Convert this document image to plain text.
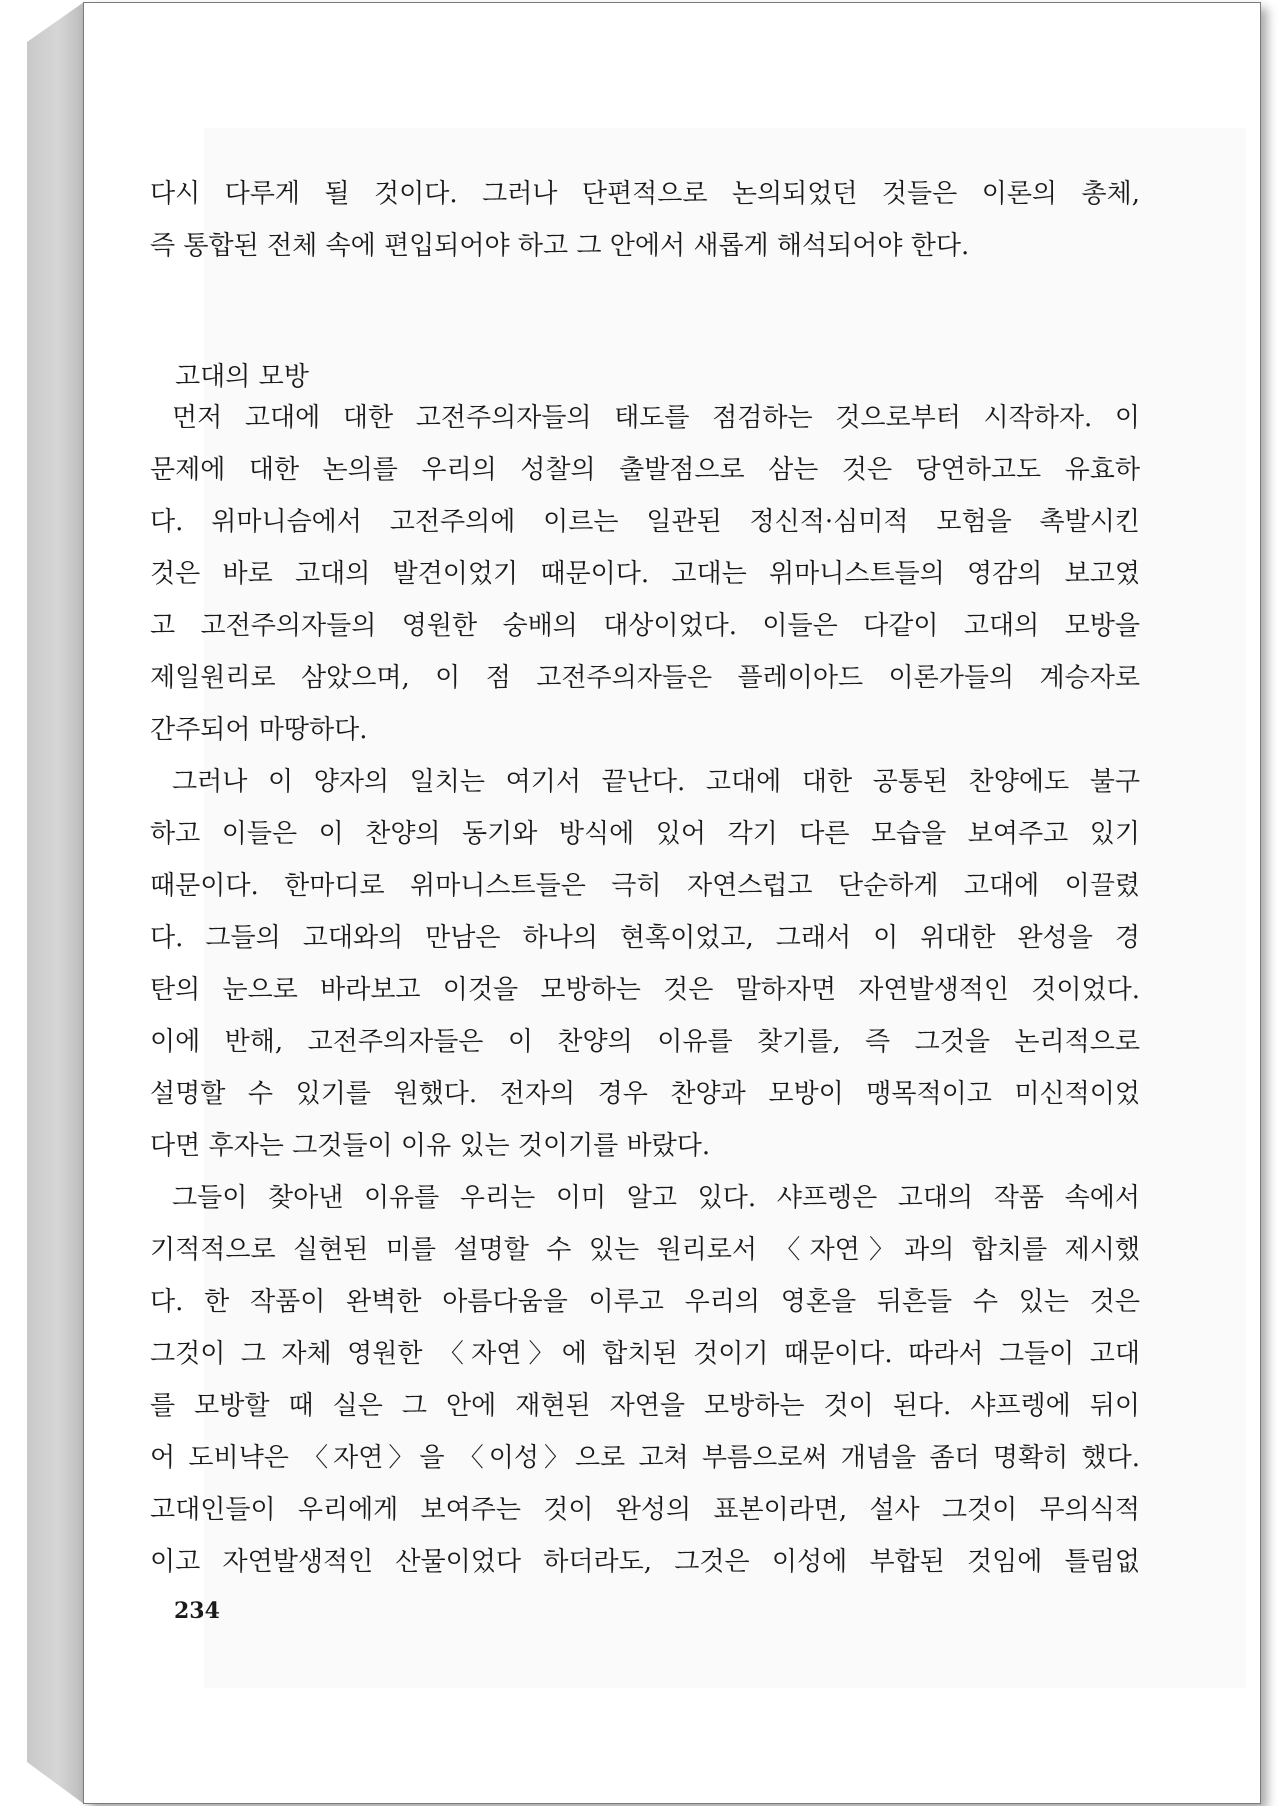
다시 다루게 될 것이다. 그러나 단편적으로 논의되었던 것들은 이론의 총체,
즉 통합된 전체 속에 편입되어야 하고 그 안에서 새롭게 해석되어야 한다.
고대의 모방
먼저 고대에 대한 고전주의자들의 태도를 점검하는 것으로부터 시작하자. 이
문제에 대한 논의를 우리의 성찰의 출발점으로 삼는 것은 당연하고도 유효하
다. 위마니슴에서 고전주의에 이르는 일관된 정신적·심미적 모험을 촉발시킨
것은 바로 고대의 발견이었기 때문이다. 고대는 위마니스트들의 영감의 보고였
고 고전주의자들의 영원한 숭배의 대상이었다. 이들은 다같이 고대의 모방을
제일원리로 삼았으며, 이 점 고전주의자들은 플레이아드 이론가들의 계승자로
간주되어 마땅하다.
그러나 이 양자의 일치는 여기서 끝난다. 고대에 대한 공통된 찬양에도 불구
하고 이들은 이 찬양의 동기와 방식에 있어 각기 다른 모습을 보여주고 있기
때문이다. 한마디로 위마니스트들은 극히 자연스럽고 단순하게 고대에 이끌렸
다. 그들의 고대와의 만남은 하나의 현혹이었고, 그래서 이 위대한 완성을 경
탄의 눈으로 바라보고 이것을 모방하는 것은 말하자면 자연발생적인 것이었다.
이에 반해, 고전주의자들은 이 찬양의 이유를 찾기를, 즉 그것을 논리적으로
설명할 수 있기를 원했다. 전자의 경우 찬양과 모방이 맹목적이고 미신적이었
다면 후자는 그것들이 이유 있는 것이기를 바랐다.
그들이 찾아낸 이유를 우리는 이미 알고 있다. 샤프렝은 고대의 작품 속에서
기적적으로 실현된 미를 설명할 수 있는 원리로서 〈자연〉과의 합치를 제시했
다. 한 작품이 완벽한 아름다움을 이루고 우리의 영혼을 뒤흔들 수 있는 것은
그것이 그 자체 영원한 〈자연〉에 합치된 것이기 때문이다. 따라서 그들이 고대
를 모방할 때 실은 그 안에 재현된 자연을 모방하는 것이 된다. 샤프렝에 뒤이
어 도비냑은 〈자연〉을 〈이성〉으로 고쳐 부름으로써 개념을 좀더 명확히 했다.
고대인들이 우리에게 보여주는 것이 완성의 표본이라면, 설사 그것이 무의식적
이고 자연발생적인 산물이었다 하더라도, 그것은 이성에 부합된 것임에 틀림없
234
